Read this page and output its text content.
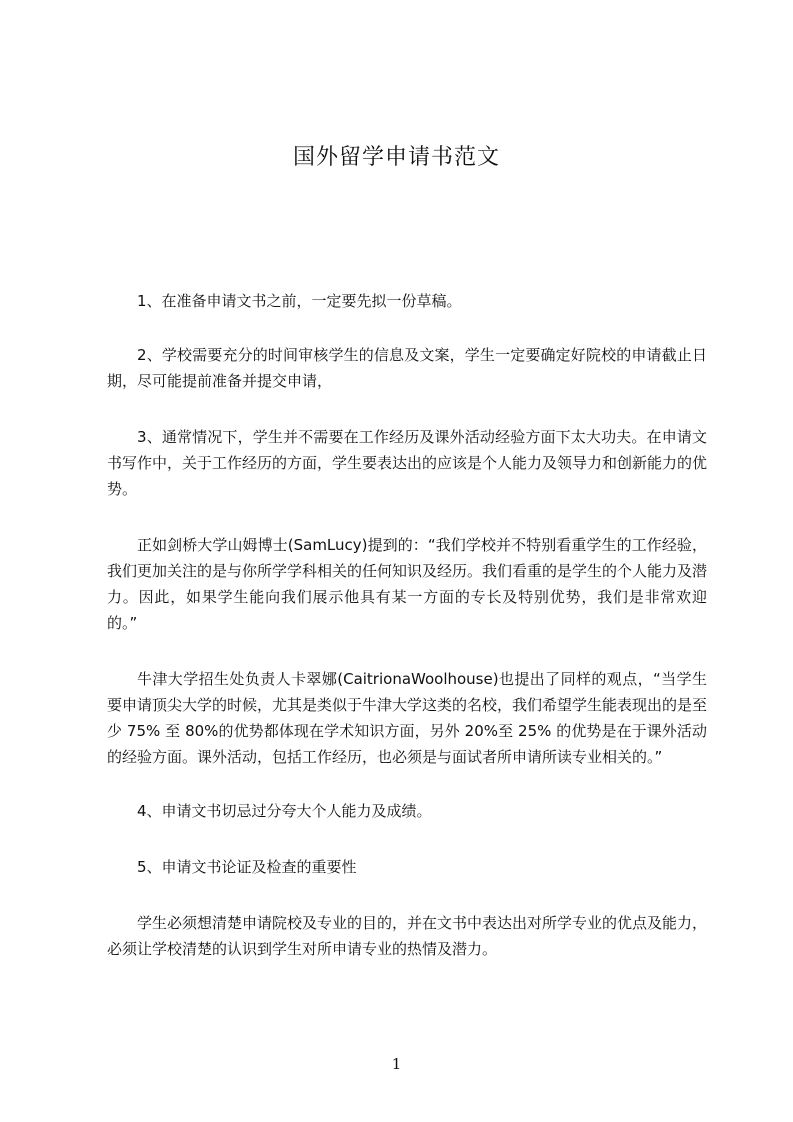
国外留学申请书范文

1、在准备申请文书之前，一定要先拟一份草稿。

2、学校需要充分的时间审核学生的信息及文案，学生一定要确定好院校的申请截止日期，尽可能提前准备并提交申请，

3、通常情况下，学生并不需要在工作经历及课外活动经验方面下太大功夫。在申请文书写作中，关于工作经历的方面，学生要表达出的应该是个人能力及领导力和创新能力的优势。

正如剑桥大学山姆博士(SamLucy)提到的：“我们学校并不特别看重学生的工作经验，我们更加关注的是与你所学学科相关的任何知识及经历。我们看重的是学生的个人能力及潜力。因此，如果学生能向我们展示他具有某一方面的专长及特别优势，我们是非常欢迎的。”

牛津大学招生处负责人卡翠娜(CaitrionaWoolhouse)也提出了同样的观点，“当学生要申请顶尖大学的时候，尤其是类似于牛津大学这类的名校，我们希望学生能表现出的是至少 75% 至 80%的优势都体现在学术知识方面，另外 20%至 25% 的优势是在于课外活动的经验方面。课外活动，包括工作经历，也必须是与面试者所申请所读专业相关的。”

4、申请文书切忌过分夸大个人能力及成绩。

5、申请文书论证及检查的重要性

学生必须想清楚申请院校及专业的目的，并在文书中表达出对所学专业的优点及能力，必须让学校清楚的认识到学生对所申请专业的热情及潜力。

1
